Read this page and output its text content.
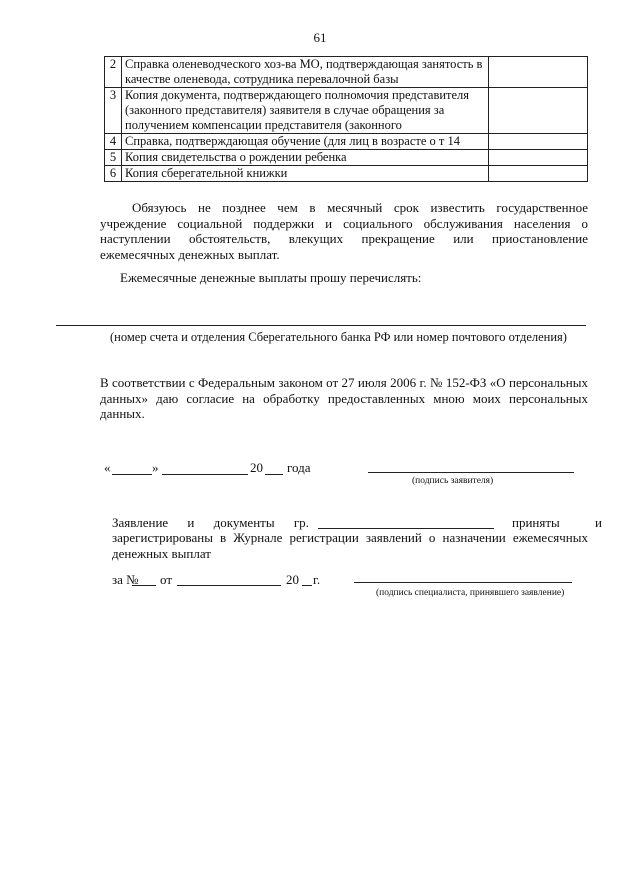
61
2	Справка оленеводческого хоз-ва МО, подтверждающая занятость в качестве оленевода, сотрудника перевалочной базы	
3	Копия документа, подтверждающего полномочия представителя (законного представителя) заявителя в случае обращения за получением компенсации представителя (законного	
4	Справка, подтверждающая обучение (для лиц в возрасте о т 14	
5	Копия свидетельства о рождении ребенка	
6	Копия сберегательной книжки	
Обязуюсь не позднее чем в месячный срок известить государственное учреждение социальной поддержки и социального обслуживания населения о наступлении обстоятельств, влекущих прекращение или приостановление ежемесячных денежных выплат.
Ежемесячные денежные выплаты прошу перечислять:
(номер счета и отделения Сберегательного банка РФ или номер почтового отделения)
В соответствии с Федеральным законом от 27 июля 2006 г. № 152-ФЗ «О персональных данных» даю согласие на обработку предоставленных мною моих персональных данных.
«	»	20 года
(подпись заявителя)
Заявление и документы гр.	приняты и
зарегистрированы в Журнале регистрации заявлений о назначении ежемесячных денежных выплат
за № от	20 г.
(подпись специалиста, принявшего заявление)
